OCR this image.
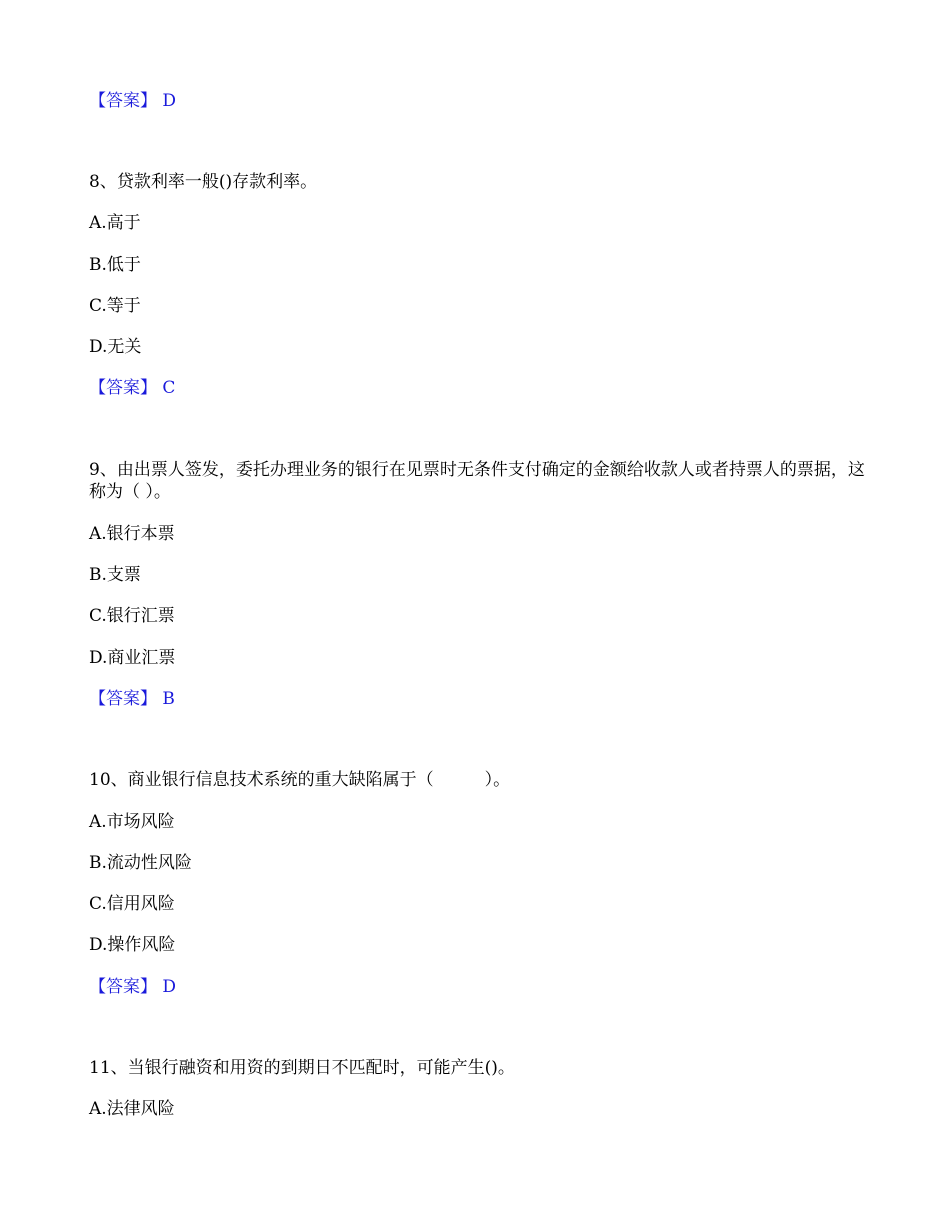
【答案】 D
8、贷款利率一般()存款利率。
A.高于
B.低于
C.等于
D.无关
【答案】 C
9、由出票人签发，委托办理业务的银行在见票时无条件支付确定的金额给收款人或者持票人的票据，这称为（ ）。
A.银行本票
B.支票
C.银行汇票
D.商业汇票
【答案】 B
10、商业银行信息技术系统的重大缺陷属于（　　　）。
A.市场风险
B.流动性风险
C.信用风险
D.操作风险
【答案】 D
11、当银行融资和用资的到期日不匹配时，可能产生()。
A.法律风险
